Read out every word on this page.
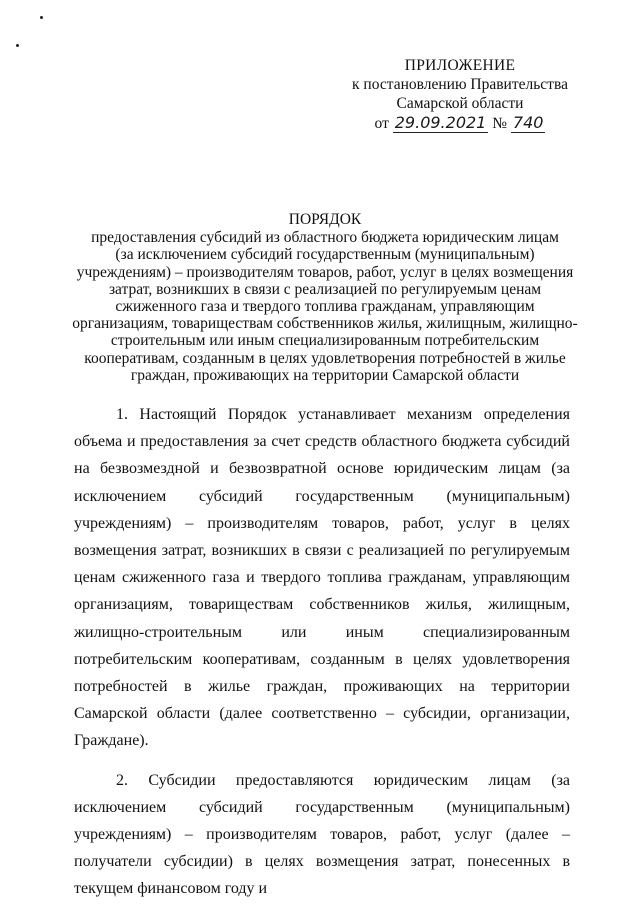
ПРИЛОЖЕНИЕ
к постановлению Правительства
Самарской области
от 29.09.2021 № 740
ПОРЯДОК
предоставления субсидий из областного бюджета юридическим лицам
(за исключением субсидий государственным (муниципальным)
учреждениям) – производителям товаров, работ, услуг в целях возмещения
затрат, возникших в связи с реализацией по регулируемым ценам
сжиженного газа и твердого топлива гражданам, управляющим
организациям, товариществам собственников жилья, жилищным, жилищно-
строительным или иным специализированным потребительским
кооперативам, созданным в целях удовлетворения потребностей в жилье
граждан, проживающих на территории Самарской области

1. Настоящий Порядок устанавливает механизм определения объема и предоставления за счет средств областного бюджета субсидий на безвозмездной и безвозвратной основе юридическим лицам (за исключением субсидий государственным (муниципальным) учреждениям) – производителям товаров, работ, услуг в целях возмещения затрат, возникших в связи с реализацией по регулируемым ценам сжиженного газа и твердого топлива гражданам, управляющим организациям, товариществам собственников жилья, жилищным, жилищно-строительным или иным специализированным потребительским кооперативам, созданным в целях удовлетворения потребностей в жилье граждан, проживающих на территории Самарской области (далее соответственно – субсидии, организации, Граждане).

2. Субсидии предоставляются юридическим лицам (за исключением субсидий государственным (муниципальным) учреждениям) – производителям товаров, работ, услуг (далее – получатели субсидии) в целях возмещения затрат, понесенных в текущем финансовом году и
